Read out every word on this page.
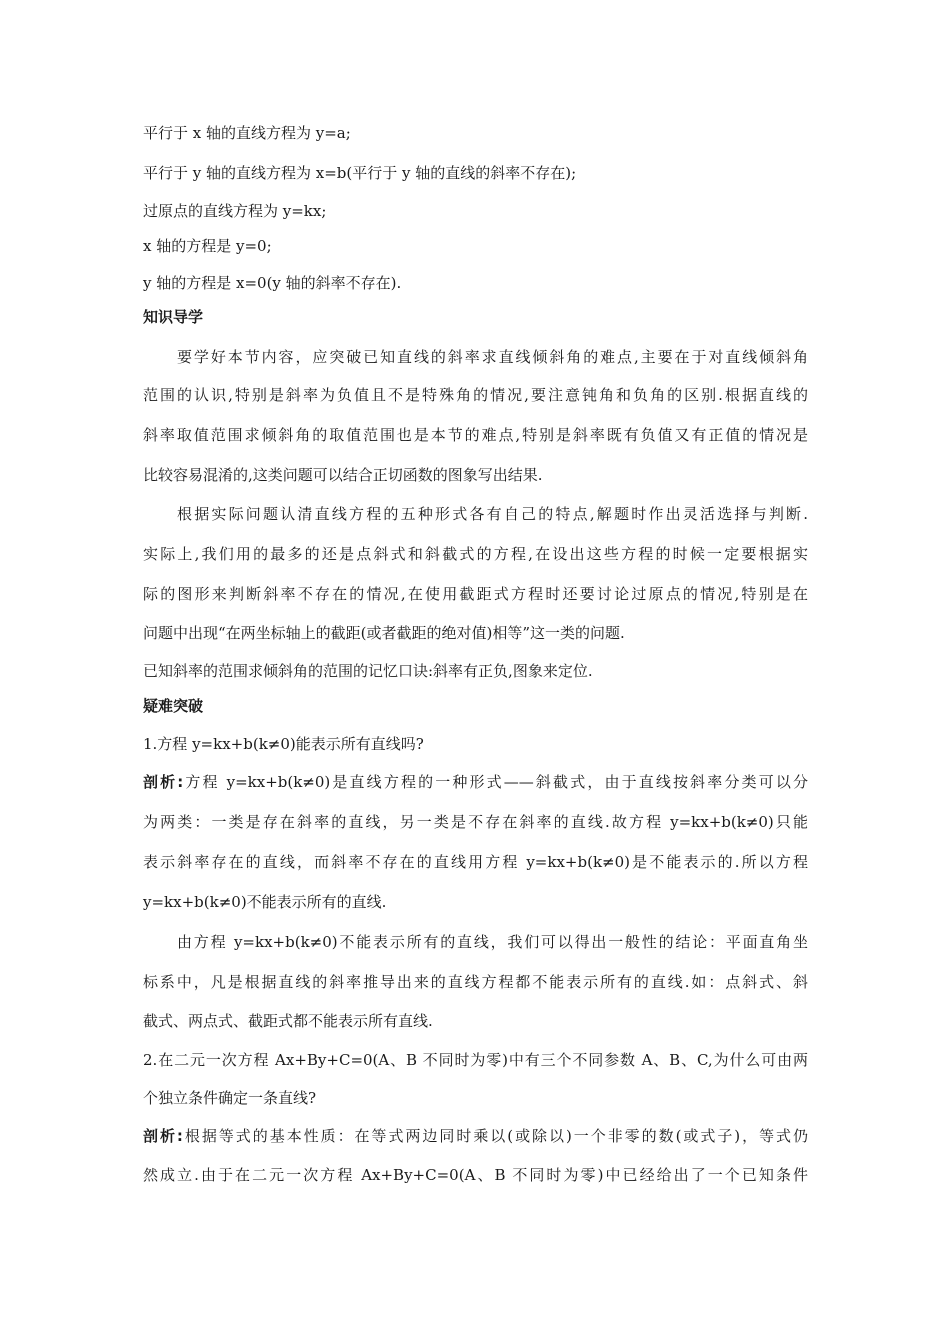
平行于 x 轴的直线方程为 y=a;
平行于 y 轴的直线方程为 x=b(平行于 y 轴的直线的斜率不存在);
过原点的直线方程为 y=kx;
x 轴的方程是 y=0;
y 轴的方程是 x=0(y 轴的斜率不存在).
知识导学
要学好本节内容，应突破已知直线的斜率求直线倾斜角的难点,主要在于对直线倾斜角
范围的认识,特别是斜率为负值且不是特殊角的情况,要注意钝角和负角的区别.根据直线的
斜率取值范围求倾斜角的取值范围也是本节的难点,特别是斜率既有负值又有正值的情况是
比较容易混淆的,这类问题可以结合正切函数的图象写出结果.
根据实际问题认清直线方程的五种形式各有自己的特点,解题时作出灵活选择与判断.
实际上,我们用的最多的还是点斜式和斜截式的方程,在设出这些方程的时候一定要根据实
际的图形来判断斜率不存在的情况,在使用截距式方程时还要讨论过原点的情况,特别是在
问题中出现“在两坐标轴上的截距(或者截距的绝对值)相等”这一类的问题.
已知斜率的范围求倾斜角的范围的记忆口诀:斜率有正负,图象来定位.
疑难突破
1.方程 y=kx+b(k≠0)能表示所有直线吗?
剖析:方程 y=kx+b(k≠0)是直线方程的一种形式——斜截式，由于直线按斜率分类可以分
为两类：一类是存在斜率的直线，另一类是不存在斜率的直线.故方程 y=kx+b(k≠0)只能
表示斜率存在的直线，而斜率不存在的直线用方程 y=kx+b(k≠0)是不能表示的.所以方程
y=kx+b(k≠0)不能表示所有的直线.
由方程 y=kx+b(k≠0)不能表示所有的直线，我们可以得出一般性的结论：平面直角坐
标系中，凡是根据直线的斜率推导出来的直线方程都不能表示所有的直线.如：点斜式、斜
截式、两点式、截距式都不能表示所有直线.
2.在二元一次方程 Ax+By+C=0(A、B 不同时为零)中有三个不同参数 A、B、C,为什么可由两
个独立条件确定一条直线?
剖析:根据等式的基本性质：在等式两边同时乘以(或除以)一个非零的数(或式子)，等式仍
然成立.由于在二元一次方程 Ax+By+C=0(A、B 不同时为零)中已经给出了一个已知条件
